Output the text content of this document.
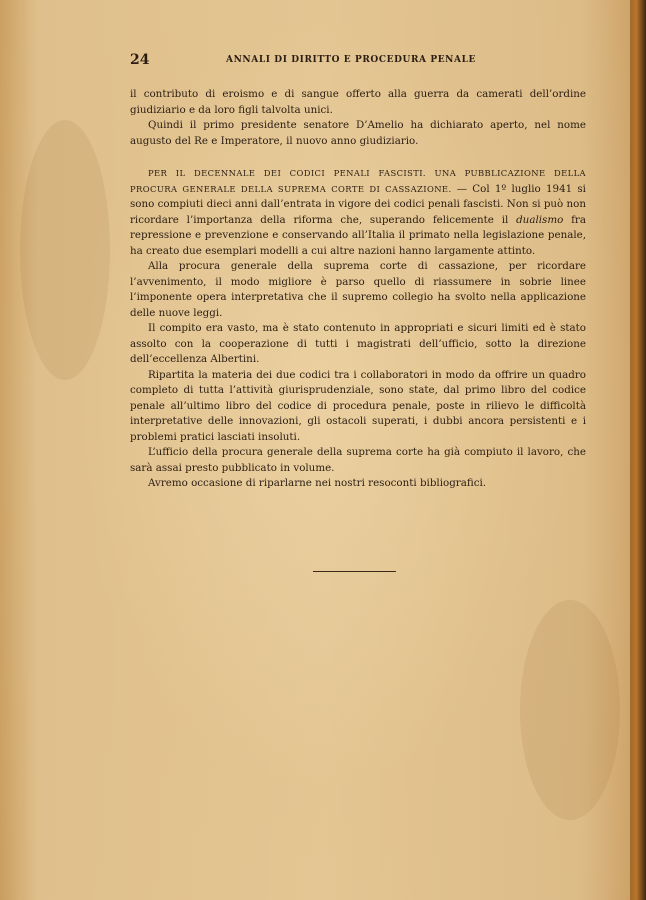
24	ANNALI DI DIRITTO E PROCEDURA PENALE

il contributo di eroismo e di sangue offerto alla guerra da camerati dell’ordine giudiziario e da loro figli talvolta unici.

Quindi il primo presidente senatore D’Amelio ha dichiarato aperto, nel nome augusto del Re e Imperatore, il nuovo anno giudiziario.

PER IL DECENNALE DEI CODICI PENALI FASCISTI. UNA PUBBLICAZIONE DELLA PROCURA GENERALE DELLA SUPREMA CORTE DI CASSAZIONE. — Col 1º luglio 1941 si sono compiuti dieci anni dall’entrata in vigore dei codici penali fascisti. Non si può non ricordare l’importanza della riforma che, superando felicemente il dualismo fra repressione e prevenzione e conservando all’Italia il primato nella legislazione penale, ha creato due esemplari modelli a cui altre nazioni hanno largamente attinto.

Alla procura generale della suprema corte di cassazione, per ricordare l’avvenimento, il modo migliore è parso quello di riassumere in sobrie linee l’imponente opera interpretativa che il supremo collegio ha svolto nella applicazione delle nuove leggi.

Il compito era vasto, ma è stato contenuto in appropriati e sicuri limiti ed è stato assolto con la cooperazione di tutti i magistrati dell’ufficio, sotto la direzione dell’eccellenza Albertini.

Ripartita la materia dei due codici tra i collaboratori in modo da offrire un quadro completo di tutta l’attività giurisprudenziale, sono state, dal primo libro del codice penale all’ultimo libro del codice di procedura penale, poste in rilievo le difficoltà interpretative delle innovazioni, gli ostacoli superati, i dubbi ancora persistenti e i problemi pratici lasciati insoluti.

L’ufficio della procura generale della suprema corte ha già compiuto il lavoro, che sarà assai presto pubblicato in volume.

Avremo occasione di riparlarne nei nostri resoconti bibliografici.
